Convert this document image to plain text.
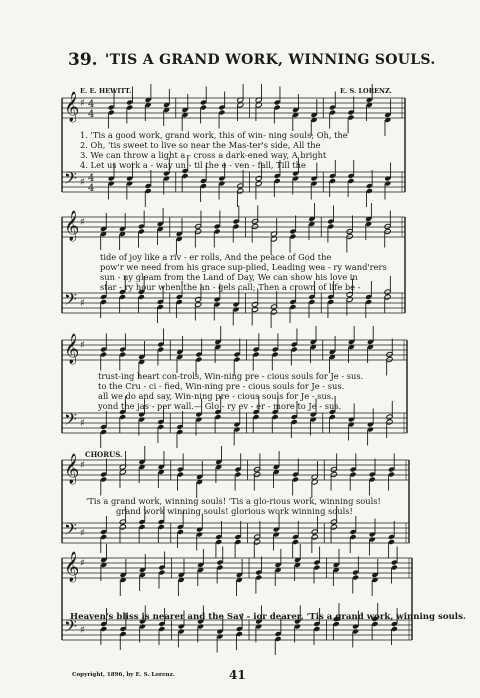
39. 'TIS A GRAND WORK, WINNING SOULS.
E. E. HEWITT.	E. S. LORENZ.
𝄞
𝄢
♯
♯
4
4
4
4
𝄞
𝄢
♯
♯
𝄞
𝄢
♯
♯
𝄞
𝄢
♯
♯
𝄞
𝄢
♯
♯
1. 'Tis a good work, grand work, this of win- ning souls; Oh, the
2. Oh, 'tis sweet to live so near the Mas-ter's side, All the
3. We can throw a light a - cross a dark-ened way, A bright
4. Let us work a - way un - til the e - ven - fall, Till the
tide of joy like a riv - er rolls, And the peace of God the
pow'r we need from his grace sup-plied, Leading wea - ry wand'rers
sun - ny gleam from the Land of Day, We can show his love in
star - ry hour when the an - gels call; Then a crown of life be -
trust-ing heart con-trols, Win-ning pre - cious souls for Je - sus.
to the Cru - ci - fied, Win-ning pre - cious souls for Je - sus.
all we do and say, Win-ning pre - cious souls for Je - sus.
yond the jas - per wall.— Glo - ry ev - er - more to Je - sus.
CHORUS.
'Tis a grand work, winning souls! 'Tis a glo-rious work, winning souls!
grand work winning souls! glorious work winning souls!
Heaven's bliss is nearer and the Sav - ior dearer, 'Tis a grand work, winning souls.
Copyright, 1896, by E. S. Lorenz.	41
